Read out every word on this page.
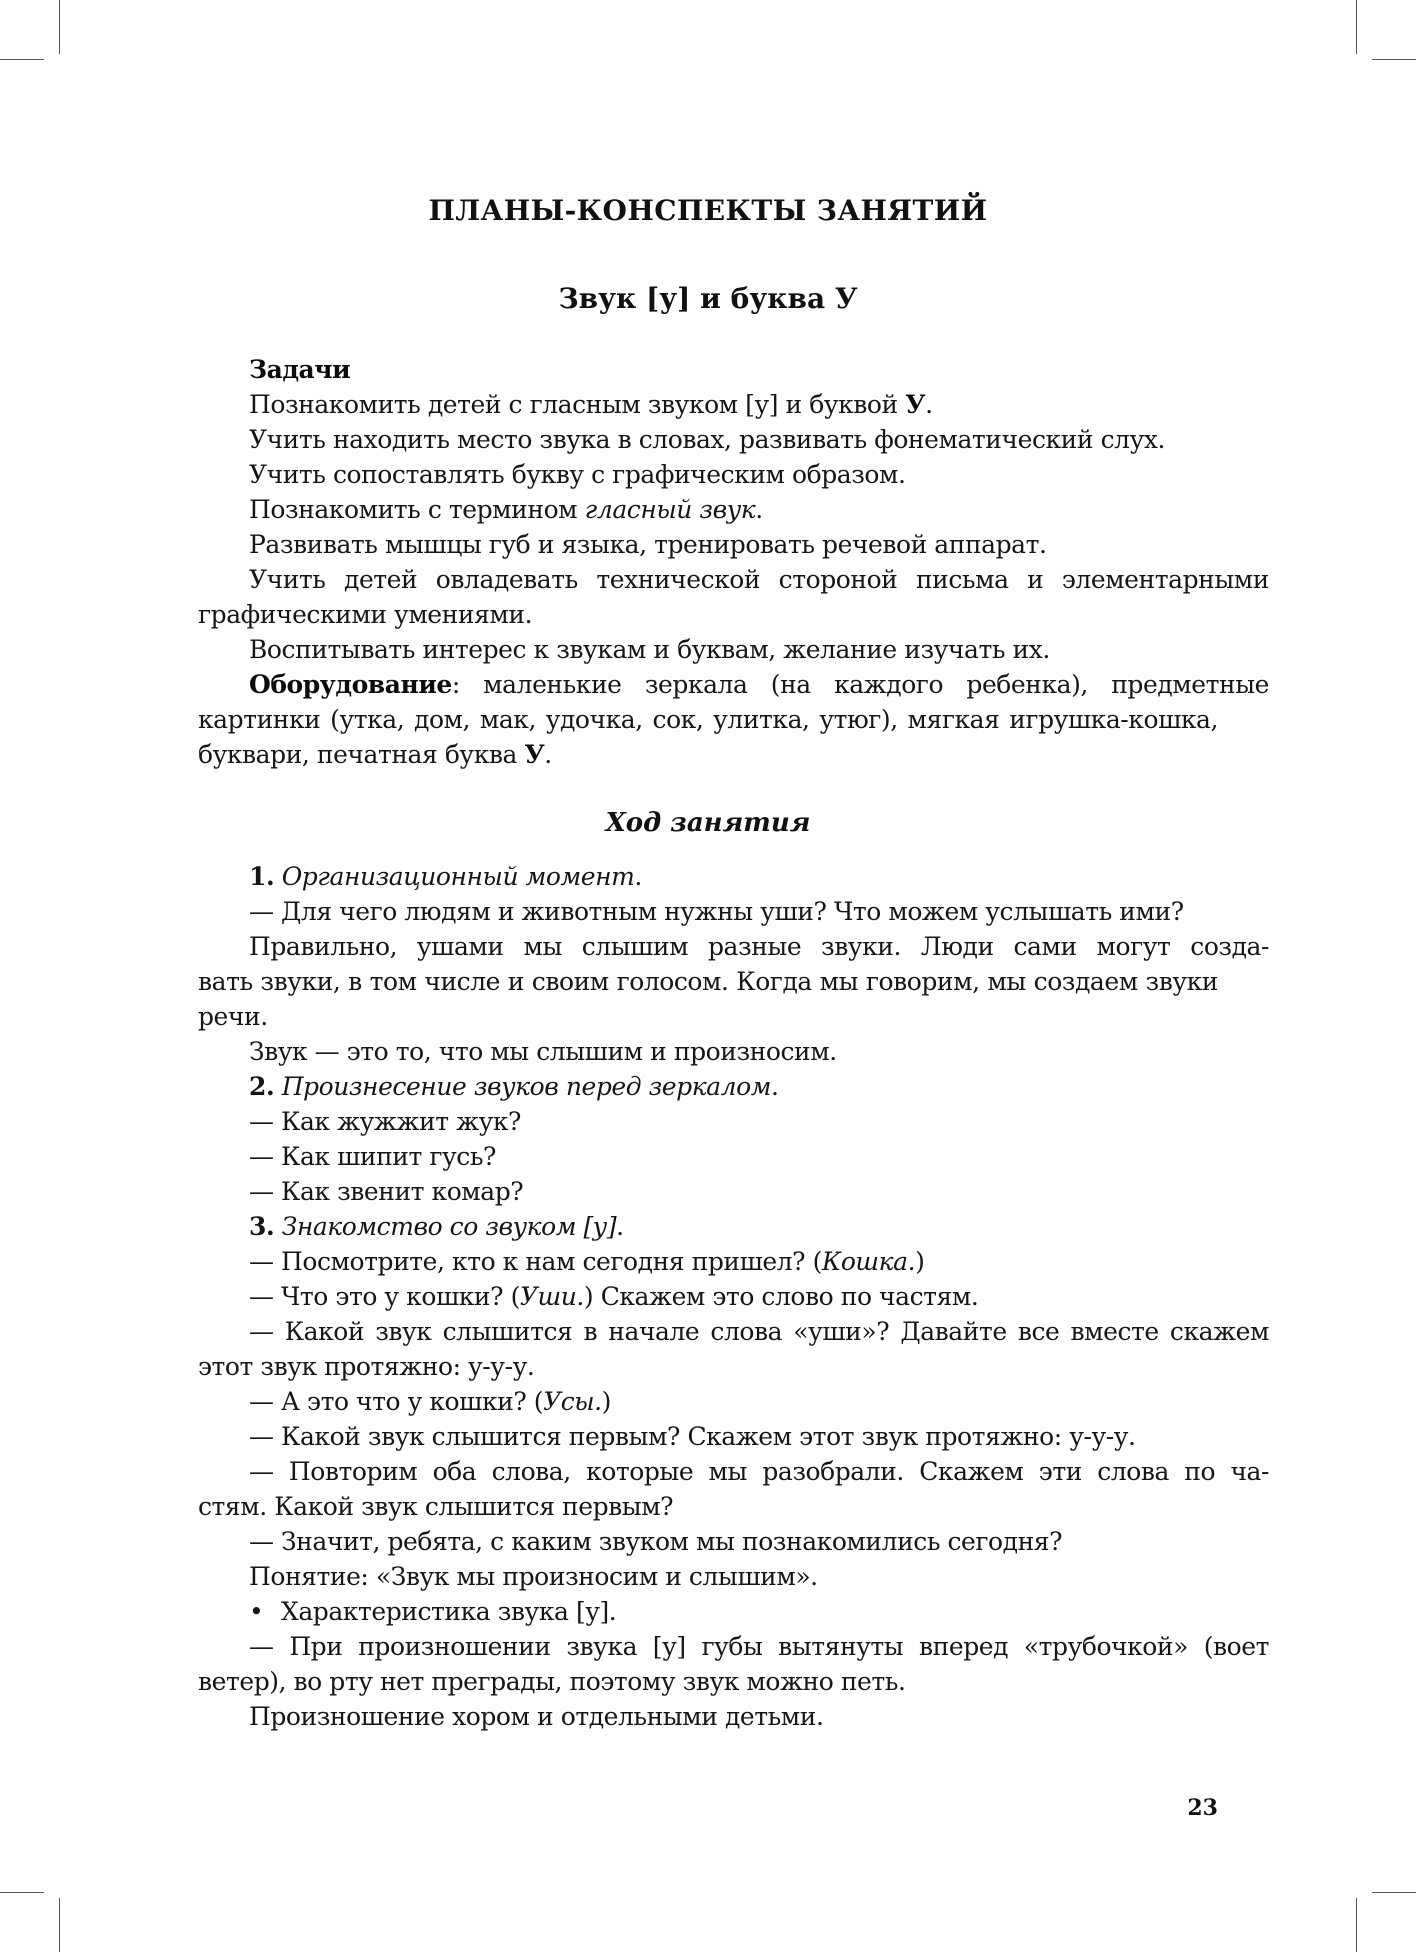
ПЛАНЫ-КОНСПЕКТЫ ЗАНЯТИЙ
Звук [у] и буква У
Задачи
Познакомить детей с гласным звуком [у] и буквой У.
Учить находить место звука в словах, развивать фонематический слух.
Учить сопоставлять букву с графическим образом.
Познакомить с термином гласный звук.
Развивать мышцы губ и языка, тренировать речевой аппарат.
Учить детей овладевать технической стороной письма и элементарными
графическими умениями.
Воспитывать интерес к звукам и буквам, желание изучать их.
Оборудование: маленькие зеркала (на каждого ребенка), предметные
картинки (утка, дом, мак, удочка, сок, улитка, утюг), мягкая игрушка-кошка,
буквари, печатная буква У.
1. Организационный момент.
— Для чего людям и животным нужны уши? Что можем услышать ими?
Правильно, ушами мы слышим разные звуки. Люди сами могут созда-
вать звуки, в том числе и своим голосом. Когда мы говорим, мы создаем звуки
речи.
Звук — это то, что мы слышим и произносим.
2. Произнесение звуков перед зеркалом.
— Как жужжит жук?
— Как шипит гусь?
— Как звенит комар?
3. Знакомство со звуком [у].
— Посмотрите, кто к нам сегодня пришел? (Кошка.)
— Что это у кошки? (Уши.) Скажем это слово по частям.
— Какой звук слышится в начале слова «уши»? Давайте все вместе скажем
этот звук протяжно: у-у-у.
— А это что у кошки? (Усы.)
— Какой звук слышится первым? Скажем этот звук протяжно: у-у-у.
— Повторим оба слова, которые мы разобрали. Скажем эти слова по ча-
стям. Какой звук слышится первым?
— Значит, ребята, с каким звуком мы познакомились сегодня?
Понятие: «Звук мы произносим и слышим».
• Характеристика звука [у].
— При произношении звука [у] губы вытянуты вперед «трубочкой» (воет
ветер), во рту нет преграды, поэтому звук можно петь.
Произношение хором и отдельными детьми.
Ход занятия
23
